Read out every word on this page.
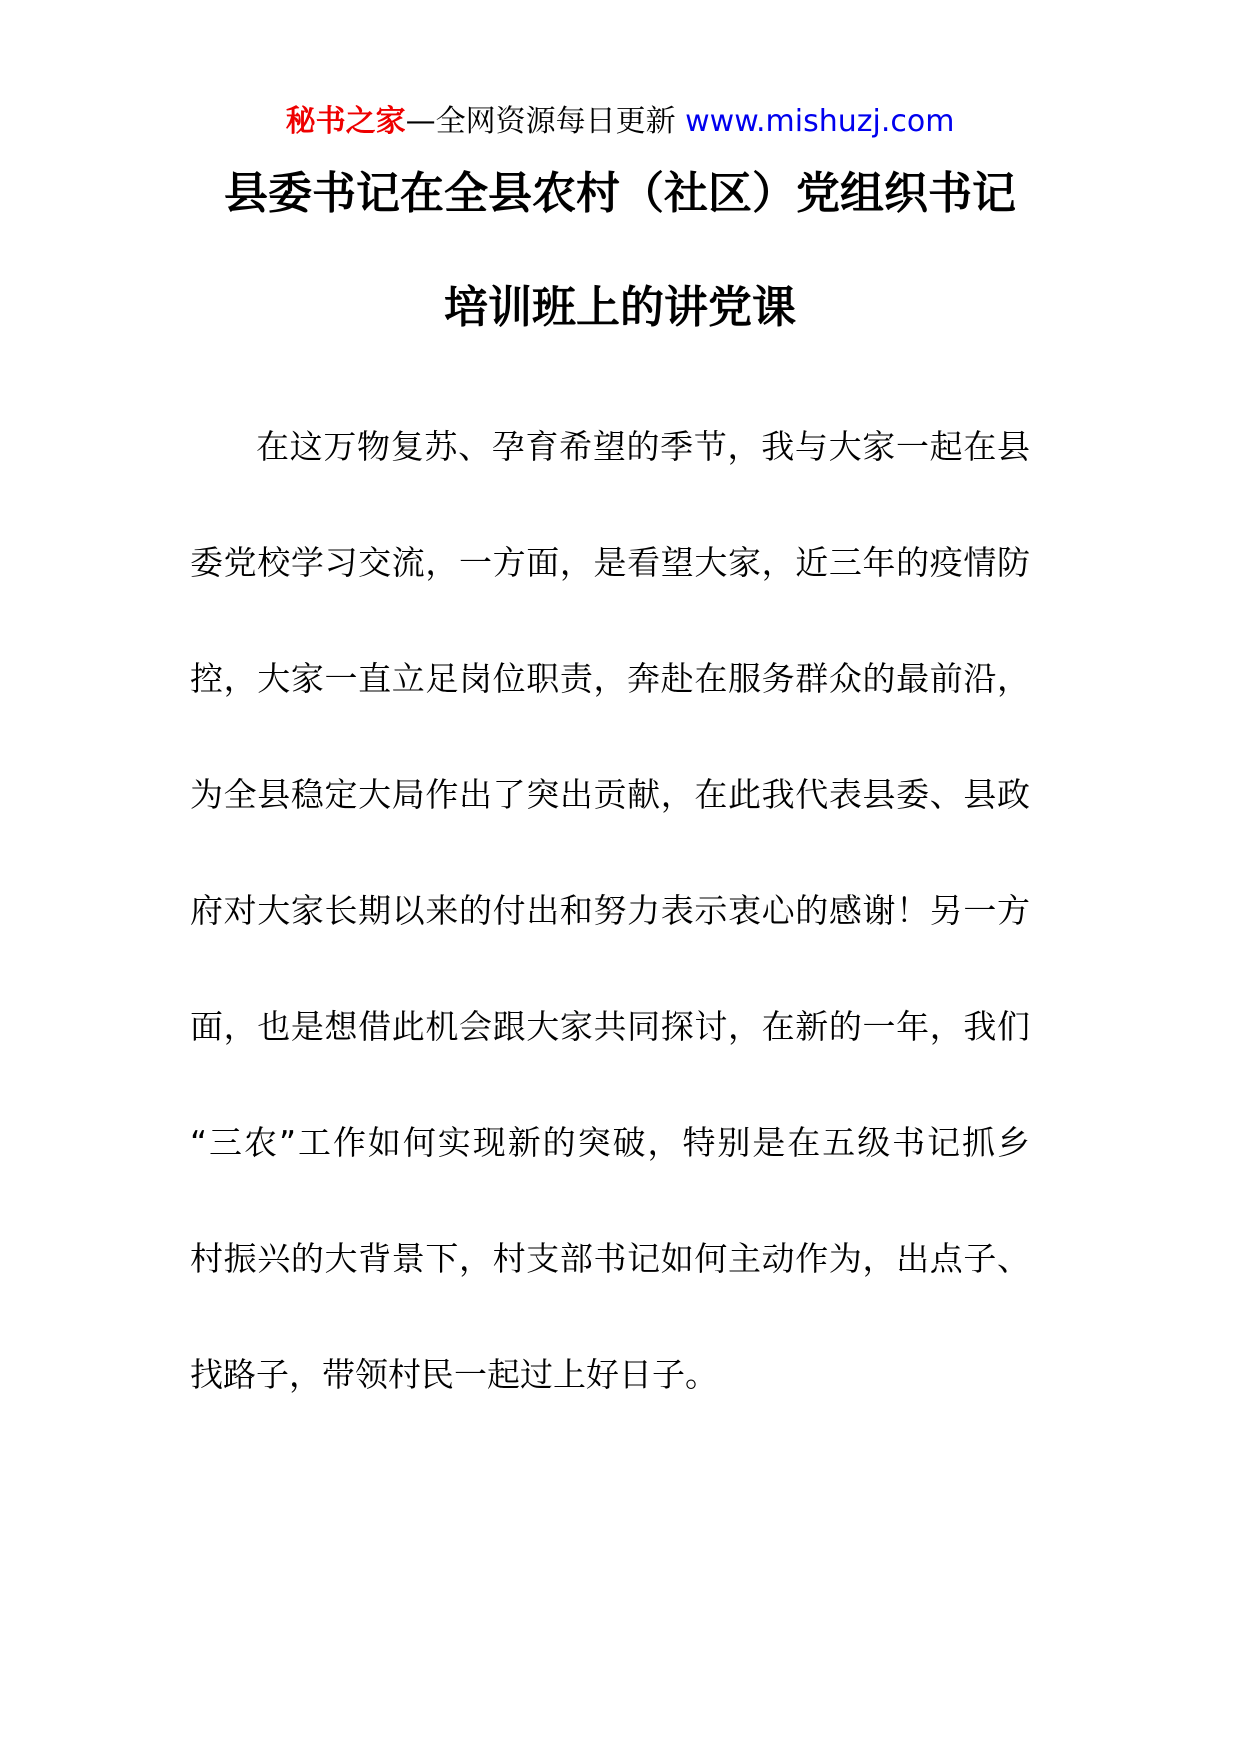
秘书之家—全网资源每日更新 www.mishuzj.com
县委书记在全县农村（社区）党组织书记
培训班上的讲党课
在这万物复苏、孕育希望的季节，我与大家一起在县
委党校学习交流，一方面，是看望大家，近三年的疫情防
控，大家一直立足岗位职责，奔赴在服务群众的最前沿，
为全县稳定大局作出了突出贡献，在此我代表县委、县政
府对大家长期以来的付出和努力表示衷心的感谢！另一方
面，也是想借此机会跟大家共同探讨，在新的一年，我们
“三农”工作如何实现新的突破，特别是在五级书记抓乡
村振兴的大背景下，村支部书记如何主动作为，出点子、
找路子，带领村民一起过上好日子。
